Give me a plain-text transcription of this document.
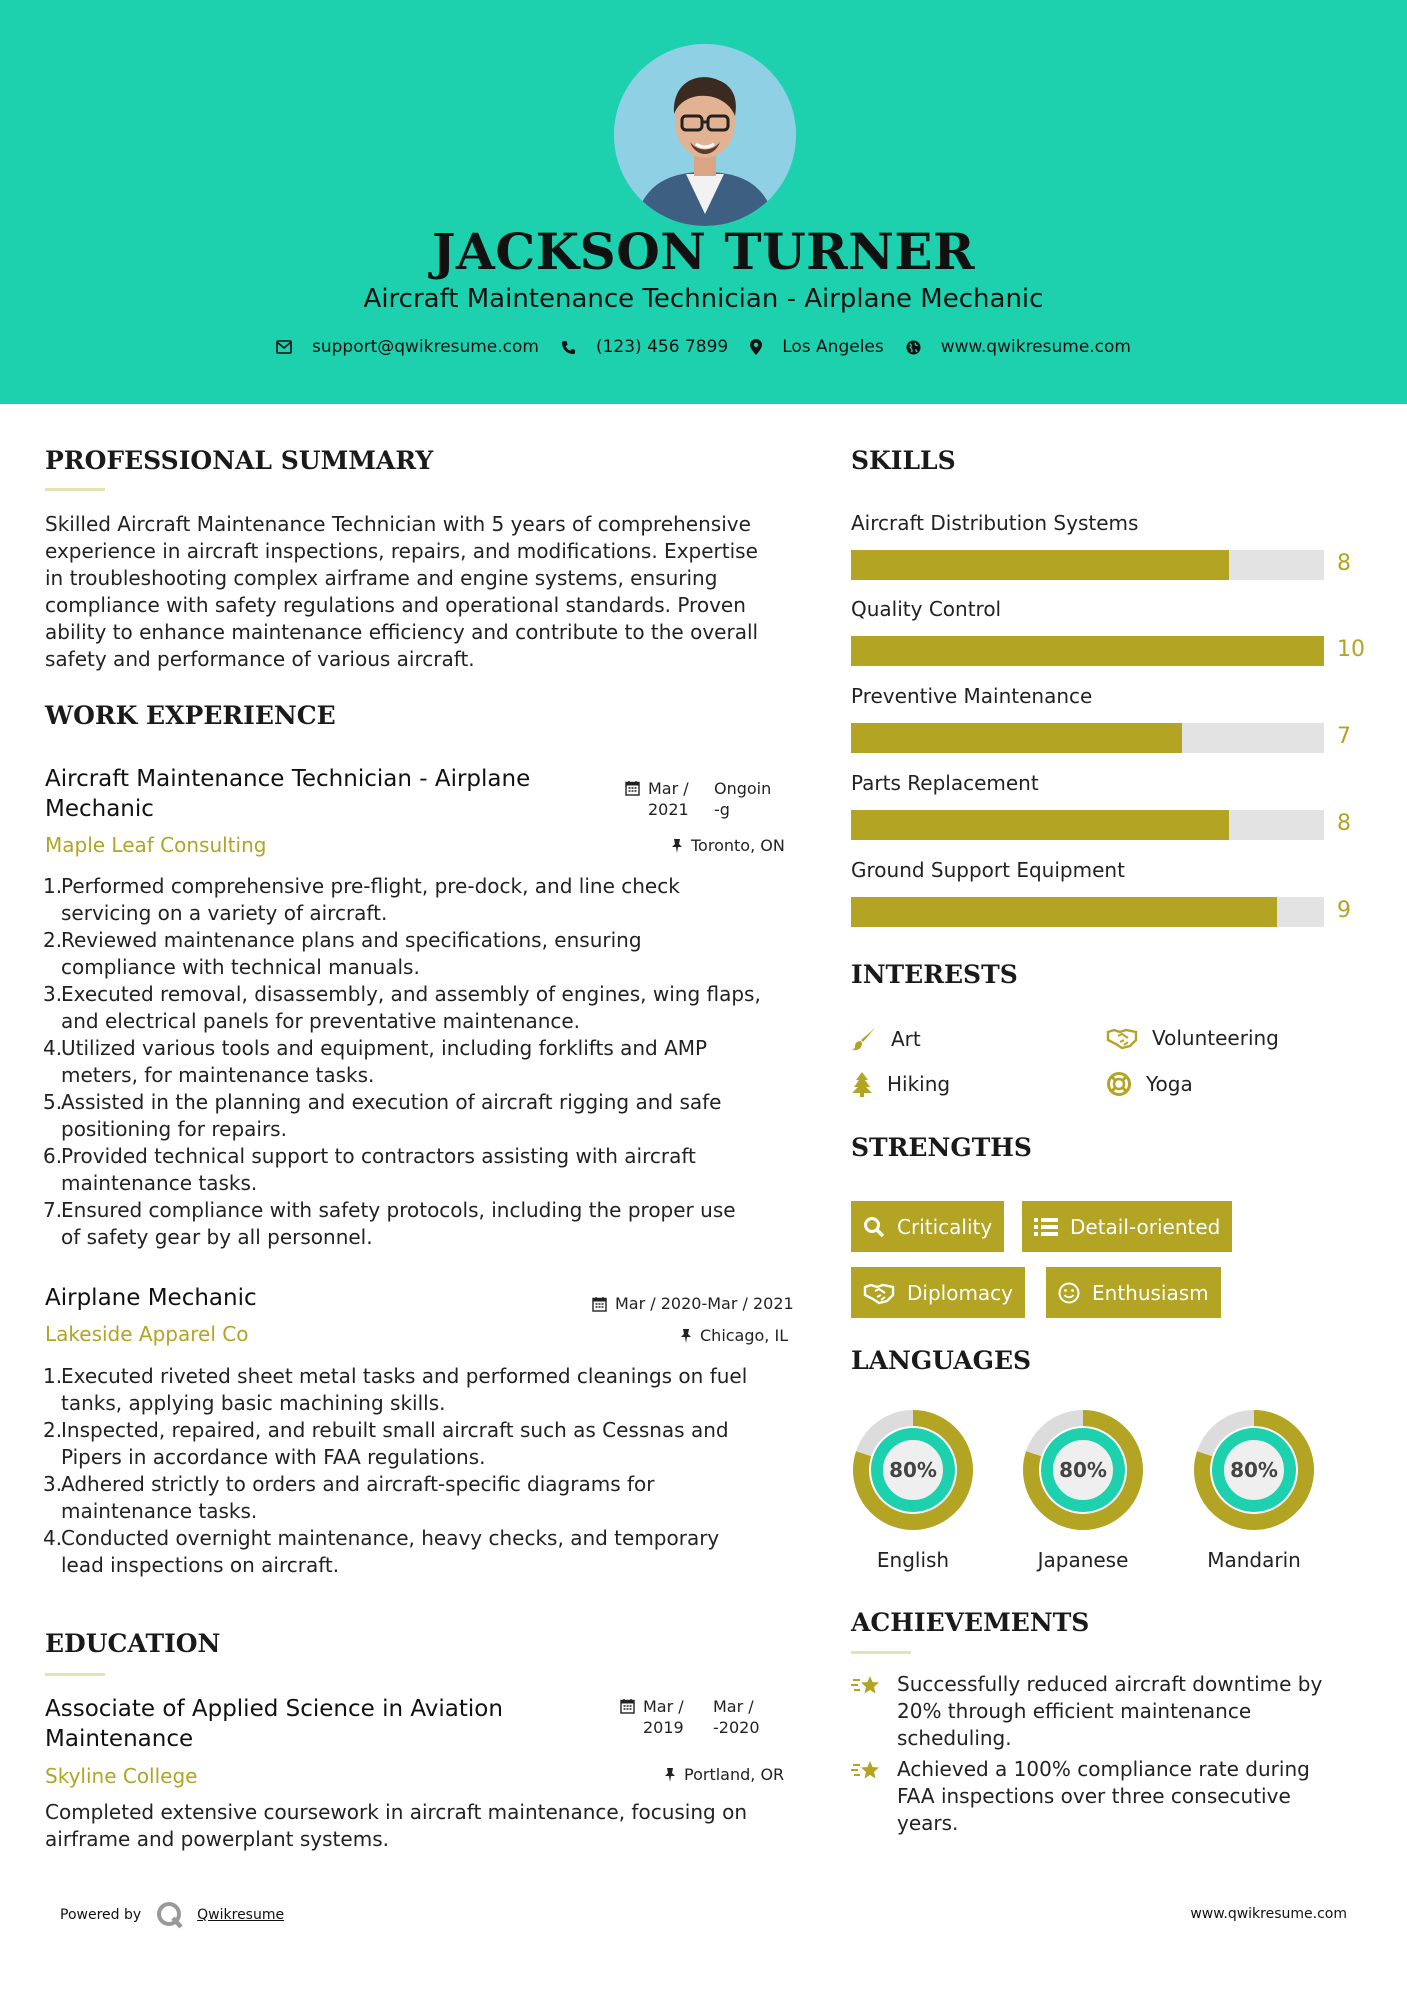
JACKSON TURNER
Aircraft Maintenance Technician - Airplane Mechanic
support@qwikresume.com	(123) 456 7899	Los Angeles	www.qwikresume.com
PROFESSIONAL SUMMARY
Skilled Aircraft Maintenance Technician with 5 years of comprehensive
experience in aircraft inspections, repairs, and modifications. Expertise
in troubleshooting complex airframe and engine systems, ensuring
compliance with safety regulations and operational standards. Proven
ability to enhance maintenance efficiency and contribute to the overall
safety and performance of various aircraft.
WORK EXPERIENCE
Aircraft Maintenance Technician - Airplane
Mechanic
Mar /
2021
Ongoin
-g
Maple Leaf Consulting	Toronto, ON
1.
Performed comprehensive pre-flight, pre-dock, and line check
servicing on a variety of aircraft.
2.
Reviewed maintenance plans and specifications, ensuring
compliance with technical manuals.
3.
Executed removal, disassembly, and assembly of engines, wing flaps,
and electrical panels for preventative maintenance.
4.
Utilized various tools and equipment, including forklifts and AMP
meters, for maintenance tasks.
5.
Assisted in the planning and execution of aircraft rigging and safe
positioning for repairs.
6.
Provided technical support to contractors assisting with aircraft
maintenance tasks.
7.
Ensured compliance with safety protocols, including the proper use
of safety gear by all personnel.
Airplane Mechanic	Mar / 2020-Mar / 2021
Lakeside Apparel Co	Chicago, IL
1.
Executed riveted sheet metal tasks and performed cleanings on fuel
tanks, applying basic machining skills.
2.
Inspected, repaired, and rebuilt small aircraft such as Cessnas and
Pipers in accordance with FAA regulations.
3.
Adhered strictly to orders and aircraft-specific diagrams for
maintenance tasks.
4.
Conducted overnight maintenance, heavy checks, and temporary
lead inspections on aircraft.
EDUCATION
Associate of Applied Science in Aviation
Maintenance
Mar /
2019
Mar /
-2020
Skyline College	Portland, OR
Completed extensive coursework in aircraft maintenance, focusing on
airframe and powerplant systems.
SKILLS
Aircraft Distribution Systems
8
Quality Control
10
Preventive Maintenance
7
Parts Replacement
8
Ground Support Equipment
9
INTERESTS
Art	Volunteering
Hiking	Yoga
STRENGTHS
Criticality	Detail-oriented
Diplomacy	Enthusiasm
LANGUAGES
80%
English
80%
Japanese
80%
Mandarin
ACHIEVEMENTS
Successfully reduced aircraft downtime by
20% through efficient maintenance
scheduling.
Achieved a 100% compliance rate during
FAA inspections over three consecutive
years.
Powered by	Qwikresume	www.qwikresume.com
